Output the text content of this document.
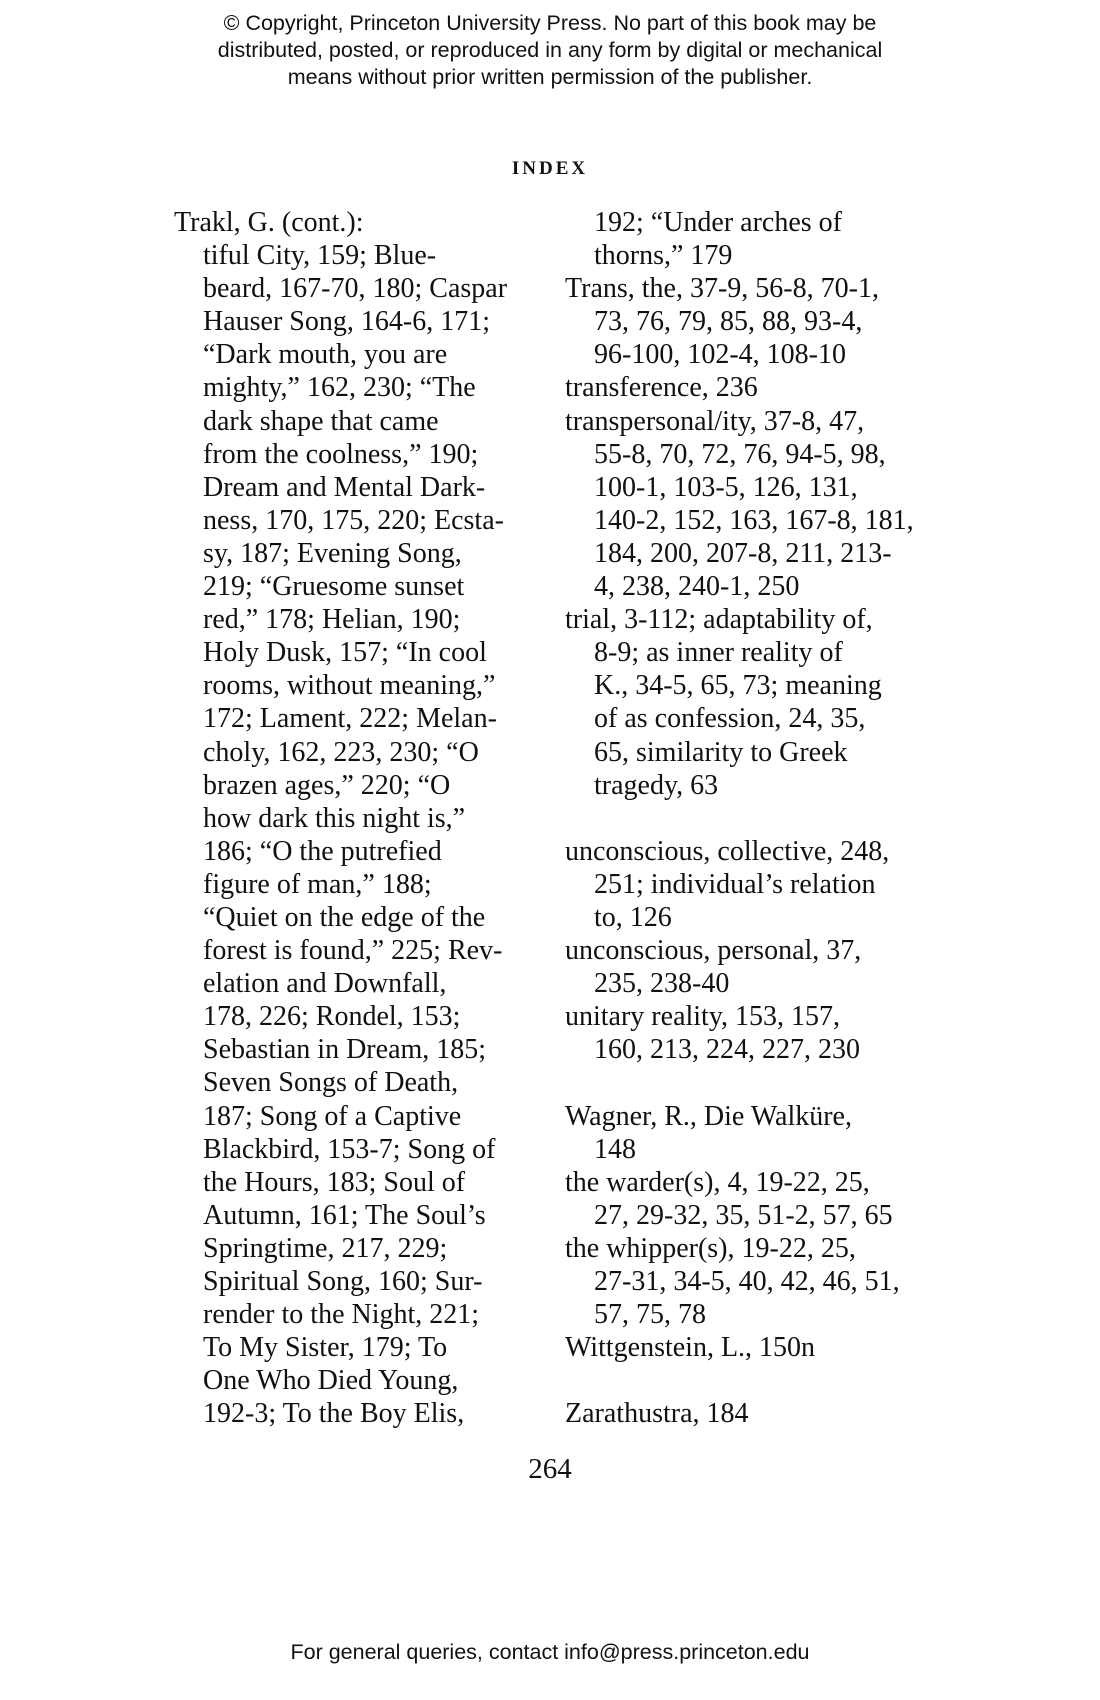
© Copyright, Princeton University Press. No part of this book may be
distributed, posted, or reproduced in any form by digital or mechanical
means without prior written permission of the publisher.
INDEX
Trakl, G. (cont.):
tiful City, 159; Blue-
beard, 167-70, 180; Caspar
Hauser Song, 164-6, 171;
“Dark mouth, you are
mighty,” 162, 230; “The
dark shape that came
from the coolness,” 190;
Dream and Mental Dark-
ness, 170, 175, 220; Ecsta-
sy, 187; Evening Song,
219; “Gruesome sunset
red,” 178; Helian, 190;
Holy Dusk, 157; “In cool
rooms, without meaning,”
172; Lament, 222; Melan-
choly, 162, 223, 230; “O
brazen ages,” 220; “O
how dark this night is,”
186; “O the putrefied
figure of man,” 188;
“Quiet on the edge of the
forest is found,” 225; Rev-
elation and Downfall,
178, 226; Rondel, 153;
Sebastian in Dream, 185;
Seven Songs of Death,
187; Song of a Captive
Blackbird, 153-7; Song of
the Hours, 183; Soul of
Autumn, 161; The Soul’s
Springtime, 217, 229;
Spiritual Song, 160; Sur-
render to the Night, 221;
To My Sister, 179; To
One Who Died Young,
192-3; To the Boy Elis,
192; “Under arches of
thorns,” 179
Trans, the, 37-9, 56-8, 70-1,
73, 76, 79, 85, 88, 93-4,
96-100, 102-4, 108-10
transference, 236
transpersonal/ity, 37-8, 47,
55-8, 70, 72, 76, 94-5, 98,
100-1, 103-5, 126, 131,
140-2, 152, 163, 167-8, 181,
184, 200, 207-8, 211, 213-
4, 238, 240-1, 250
trial, 3-112; adaptability of,
8-9; as inner reality of
K., 34-5, 65, 73; meaning
of as confession, 24, 35,
65, similarity to Greek
tragedy, 63
unconscious, collective, 248,
251; individual’s relation
to, 126
unconscious, personal, 37,
235, 238-40
unitary reality, 153, 157,
160, 213, 224, 227, 230
Wagner, R., Die Walküre,
148
the warder(s), 4, 19-22, 25,
27, 29-32, 35, 51-2, 57, 65
the whipper(s), 19-22, 25,
27-31, 34-5, 40, 42, 46, 51,
57, 75, 78
Wittgenstein, L., 150n
Zarathustra, 184
264
For general queries, contact info@press.princeton.edu
